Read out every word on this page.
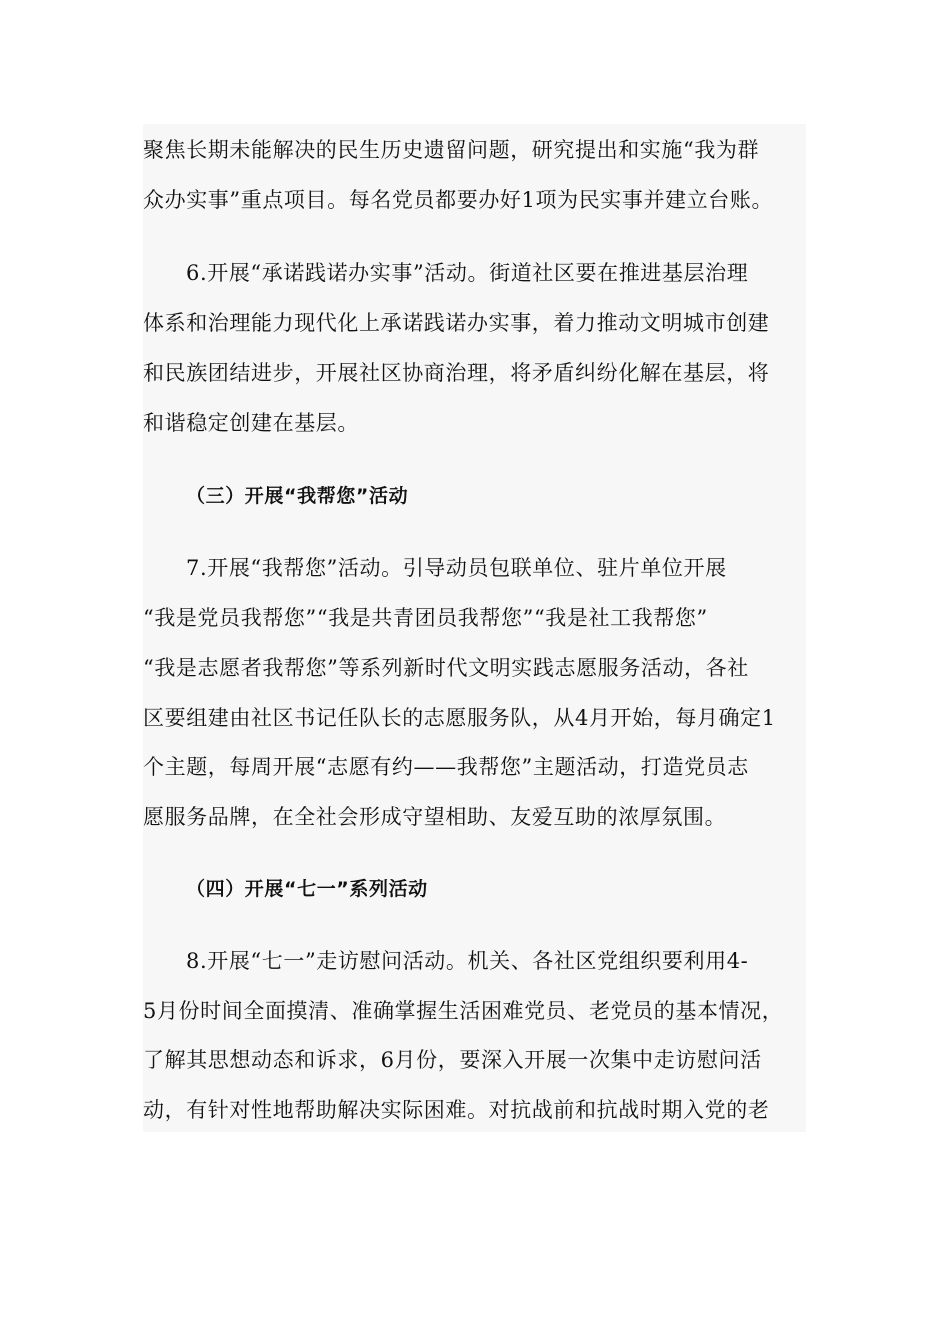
聚焦长期未能解决的民生历史遗留问题，研究提出和实施“我为群
众办实事”重点项目。每名党员都要办好1项为民实事并建立台账。
6.开展“承诺践诺办实事”活动。街道社区要在推进基层治理
体系和治理能力现代化上承诺践诺办实事，着力推动文明城市创建
和民族团结进步，开展社区协商治理，将矛盾纠纷化解在基层，将
和谐稳定创建在基层。
（三）开展“我帮您”活动
7.开展“我帮您”活动。引导动员包联单位、驻片单位开展
“我是党员我帮您”“我是共青团员我帮您”“我是社工我帮您”
“我是志愿者我帮您”等系列新时代文明实践志愿服务活动，各社
区要组建由社区书记任队长的志愿服务队，从4月开始，每月确定1
个主题，每周开展“志愿有约——我帮您”主题活动，打造党员志
愿服务品牌，在全社会形成守望相助、友爱互助的浓厚氛围。
（四）开展“七一”系列活动
8.开展“七一”走访慰问活动。机关、各社区党组织要利用4-
5月份时间全面摸清、准确掌握生活困难党员、老党员的基本情况，
了解其思想动态和诉求，6月份，要深入开展一次集中走访慰问活
动，有针对性地帮助解决实际困难。对抗战前和抗战时期入党的老
